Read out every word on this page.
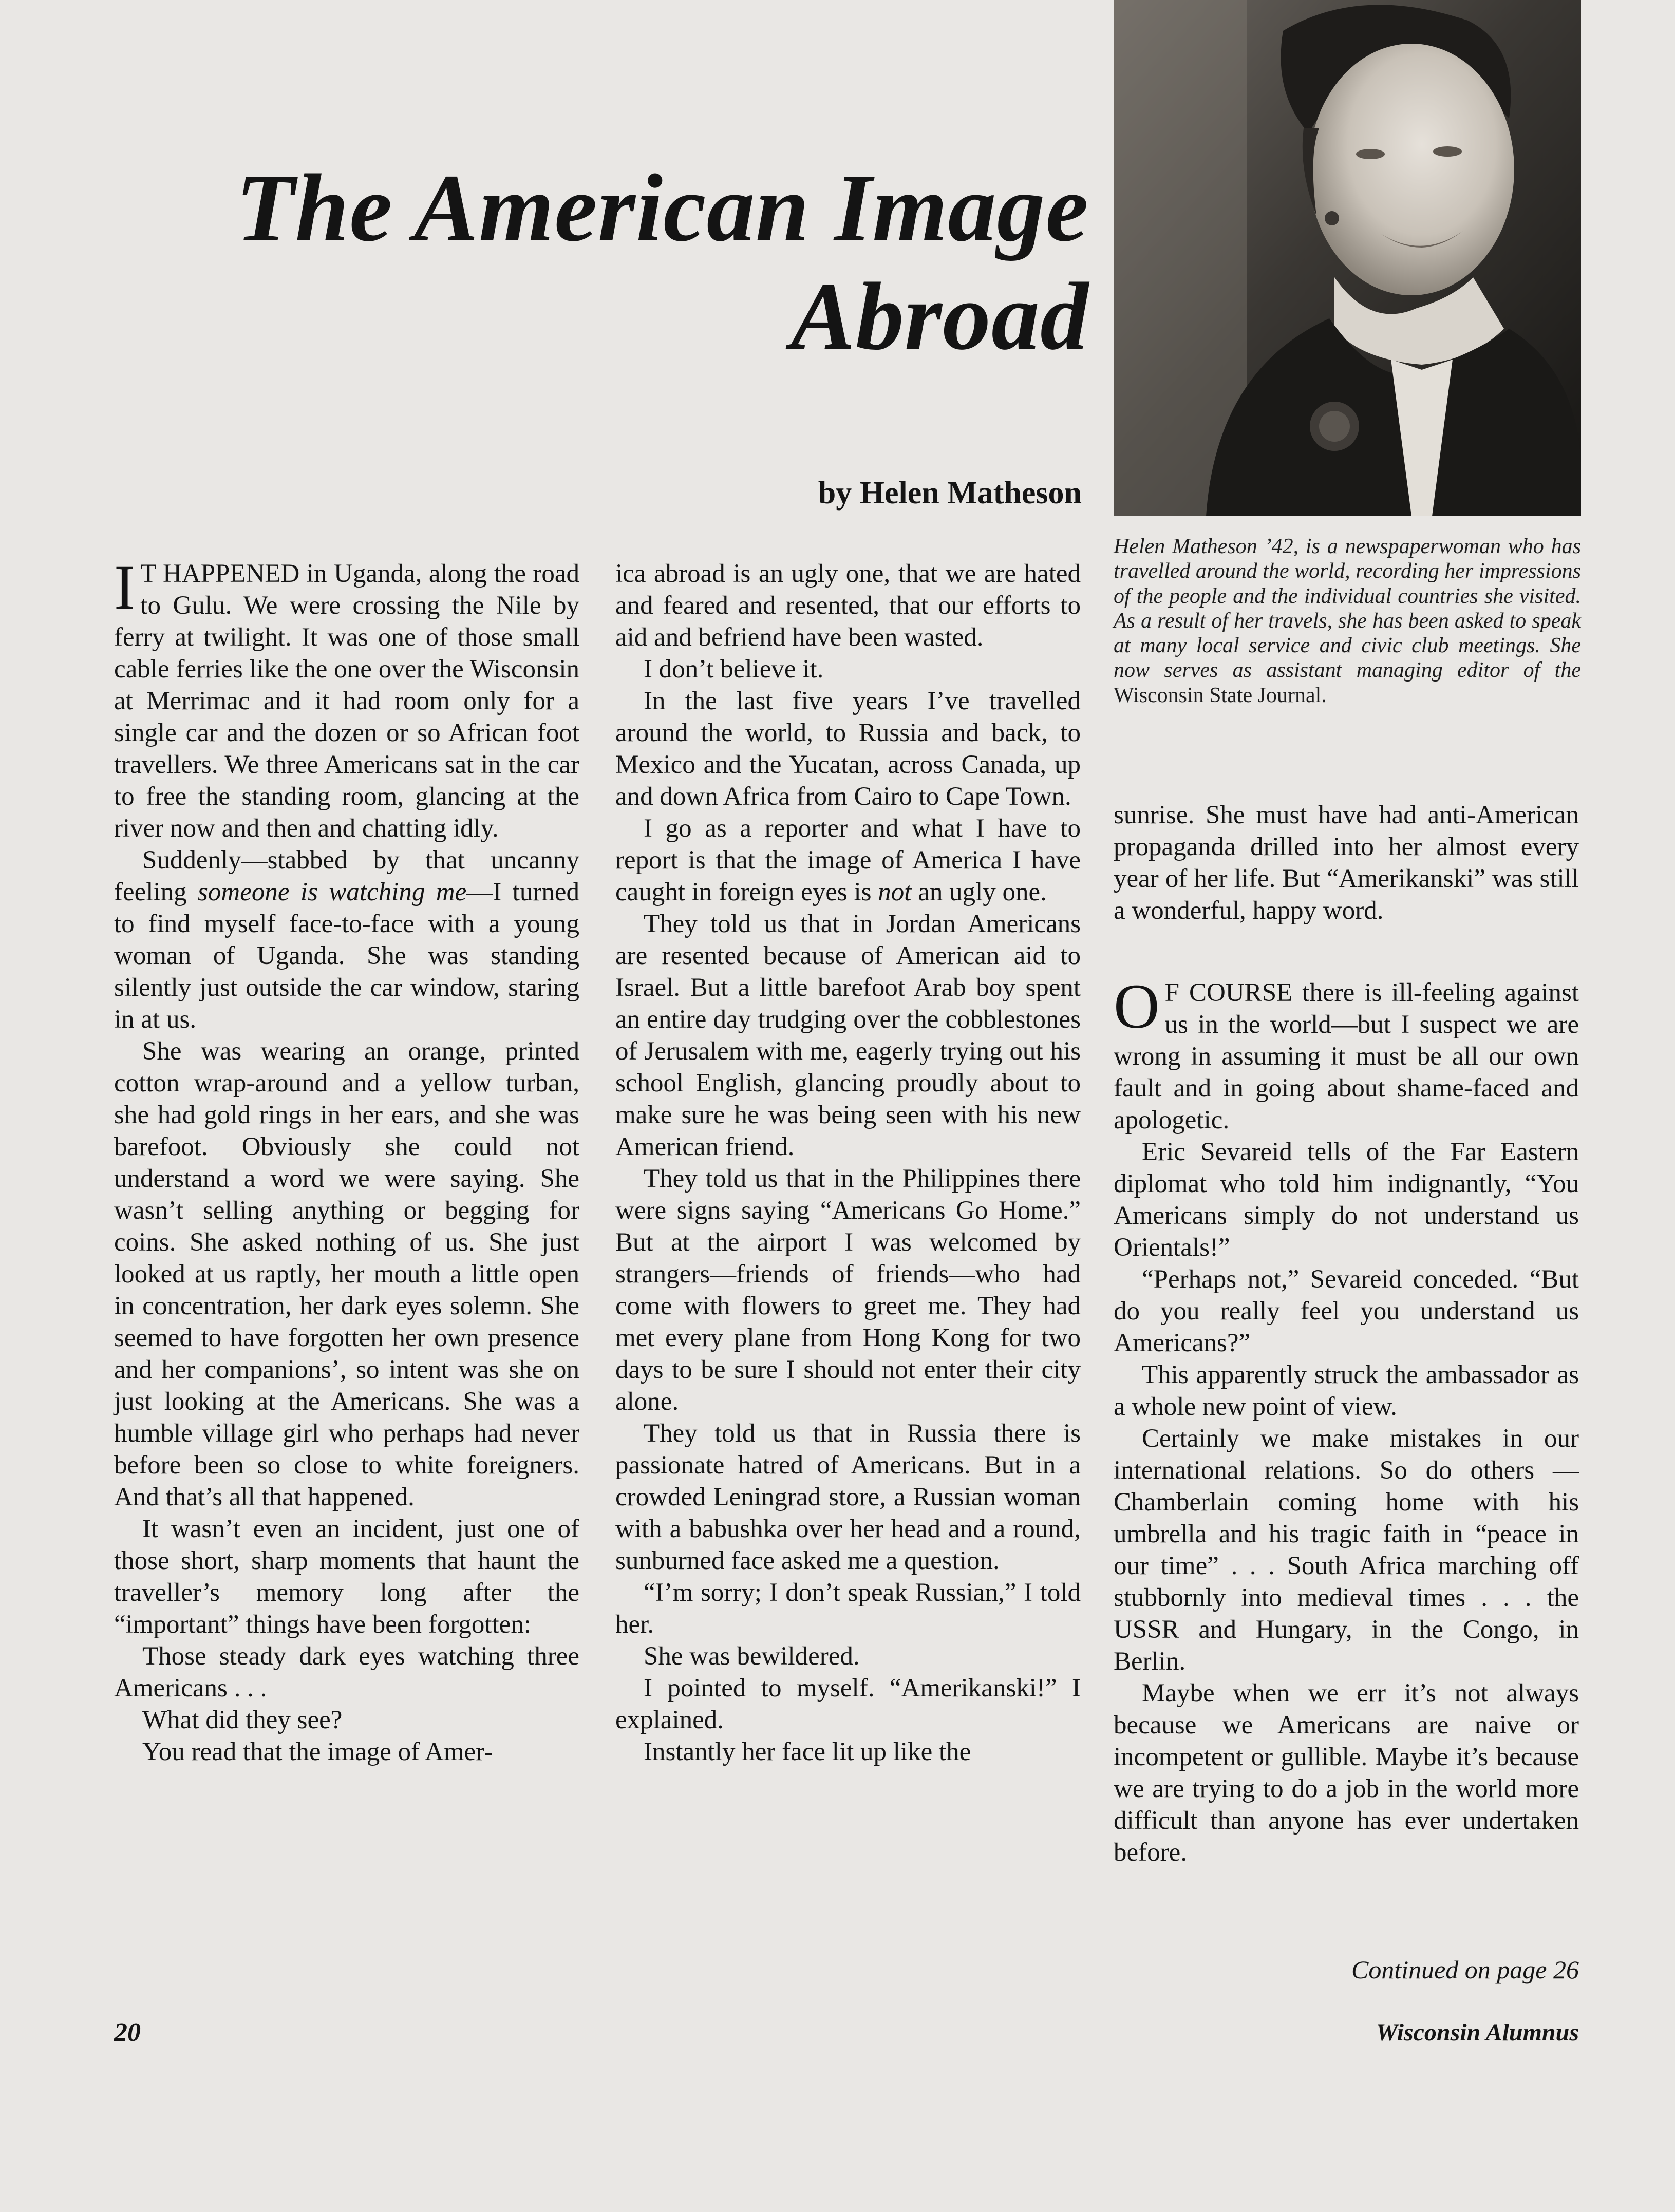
The American Image
Abroad
by Helen Matheson
Helen Matheson ’42, is a newspaperwoman who has travelled around the world, recording her impressions of the people and the individual countries she visited. As a result of her travels, she has been asked to speak at many local service and civic club meetings. She now serves as assistant managing editor of the Wisconsin State Journal.

I T HAPPENED in Uganda, along the road to Gulu. We were crossing the Nile by ferry at twilight. It was one of those small cable ferries like the one over the Wisconsin at Merrimac and it had room only for a single car and the dozen or so African foot travellers. We three Americans sat in the car to free the standing room, glancing at the river now and then and chatting idly.

Suddenly—stabbed by that uncanny feeling someone is watching me—I turned to find myself face-to-face with a young woman of Uganda. She was standing silently just outside the car window, staring in at us.

She was wearing an orange, printed cotton wrap-around and a yellow turban, she had gold rings in her ears, and she was barefoot. Obviously she could not understand a word we were saying. She wasn’t selling anything or begging for coins. She asked nothing of us. She just looked at us raptly, her mouth a little open in concentration, her dark eyes solemn. She seemed to have forgotten her own presence and her companions’, so intent was she on just looking at the Americans. She was a humble village girl who perhaps had never before been so close to white foreigners. And that’s all that happened.

It wasn’t even an incident, just one of those short, sharp moments that haunt the traveller’s memory long after the “important” things have been forgotten:

Those steady dark eyes watching three Americans . . .

What did they see?

You read that the image of Amer-

ica abroad is an ugly one, that we are hated and feared and resented, that our efforts to aid and befriend have been wasted.

I don’t believe it.

In the last five years I’ve travelled around the world, to Russia and back, to Mexico and the Yucatan, across Canada, up and down Africa from Cairo to Cape Town.

I go as a reporter and what I have to report is that the image of America I have caught in foreign eyes is not an ugly one.

They told us that in Jordan Americans are resented because of American aid to Israel. But a little barefoot Arab boy spent an entire day trudging over the cobblestones of Jerusalem with me, eagerly trying out his school English, glancing proudly about to make sure he was being seen with his new American friend.

They told us that in the Philippines there were signs saying “Americans Go Home.” But at the airport I was welcomed by strangers—friends of friends—who had come with flowers to greet me. They had met every plane from Hong Kong for two days to be sure I should not enter their city alone.

They told us that in Russia there is passionate hatred of Americans. But in a crowded Leningrad store, a Russian woman with a babushka over her head and a round, sunburned face asked me a question.

“I’m sorry; I don’t speak Russian,” I told her.

She was bewildered.

I pointed to myself. “Amerikanski!” I explained.

Instantly her face lit up like the

sunrise. She must have had anti-American propaganda drilled into her almost every year of her life. But “Amerikanski” was still a wonderful, happy word.

O F COURSE there is ill-feeling against us in the world—but I suspect we are wrong in assuming it must be all our own fault and in going about shame-faced and apologetic.

Eric Sevareid tells of the Far Eastern diplomat who told him indignantly, “You Americans simply do not understand us Orientals!”

“Perhaps not,” Sevareid conceded. “But do you really feel you understand us Americans?”

This apparently struck the ambassador as a whole new point of view.

Certainly we make mistakes in our international relations. So do others —Chamberlain coming home with his umbrella and his tragic faith in “peace in our time” . . . South Africa marching off stubbornly into medieval times . . . the USSR and Hungary, in the Congo, in Berlin.

Maybe when we err it’s not always because we Americans are naive or incompetent or gullible. Maybe it’s because we are trying to do a job in the world more difficult than anyone has ever undertaken before.

Continued on page 26
20	Wisconsin Alumnus
